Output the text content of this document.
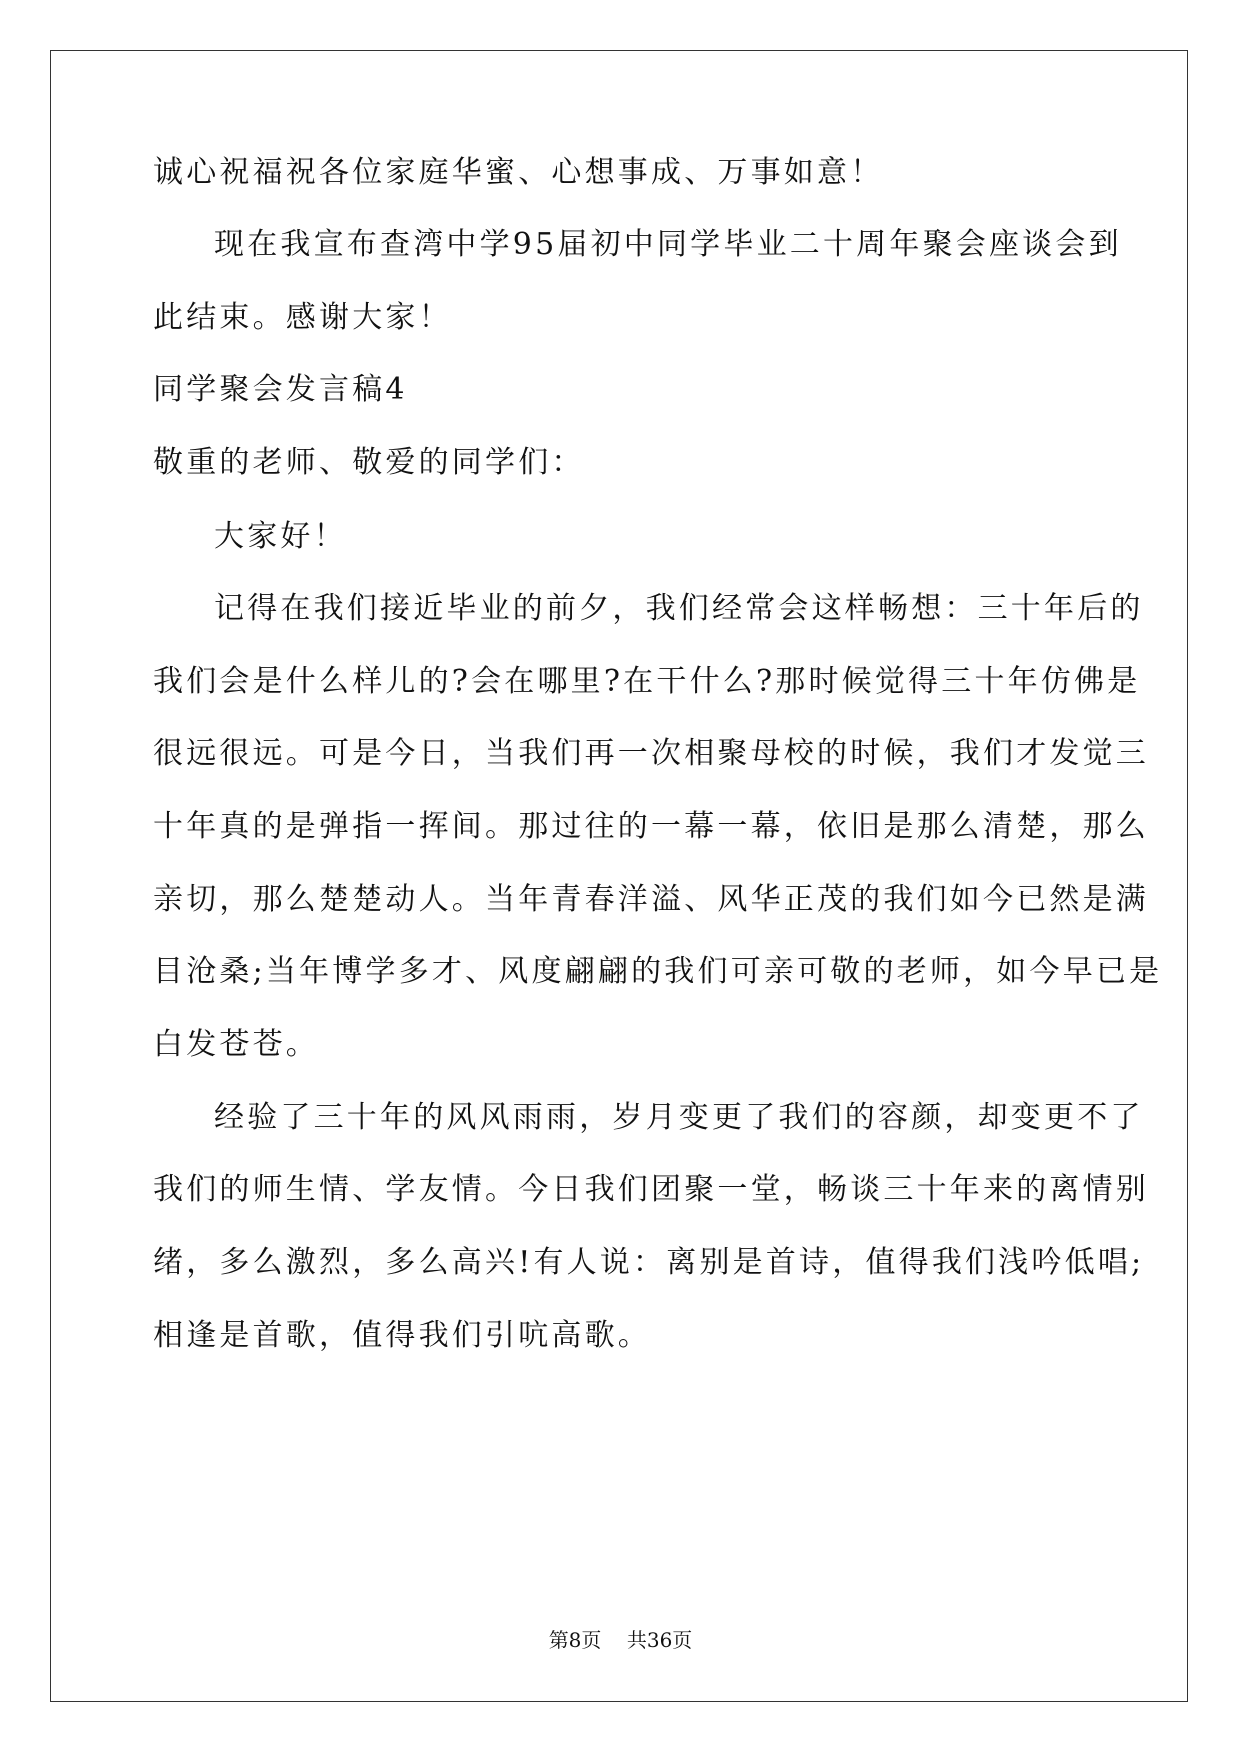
诚心祝福祝各位家庭华蜜、心想事成、万事如意！
现在我宣布查湾中学95届初中同学毕业二十周年聚会座谈会到
此结束。感谢大家！
同学聚会发言稿4
敬重的老师、敬爱的同学们：
大家好！
记得在我们接近毕业的前夕，我们经常会这样畅想：三十年后的
我们会是什么样儿的?会在哪里?在干什么?那时候觉得三十年仿佛是
很远很远。可是今日，当我们再一次相聚母校的时候，我们才发觉三
十年真的是弹指一挥间。那过往的一幕一幕，依旧是那么清楚，那么
亲切，那么楚楚动人。当年青春洋溢、风华正茂的我们如今已然是满
目沧桑;当年博学多才、风度翩翩的我们可亲可敬的老师，如今早已是
白发苍苍。
经验了三十年的风风雨雨，岁月变更了我们的容颜，却变更不了
我们的师生情、学友情。今日我们团聚一堂，畅谈三十年来的离情别
绪，多么激烈，多么高兴!有人说：离别是首诗，值得我们浅吟低唱;
相逢是首歌，值得我们引吭高歌。
第8页    共36页
